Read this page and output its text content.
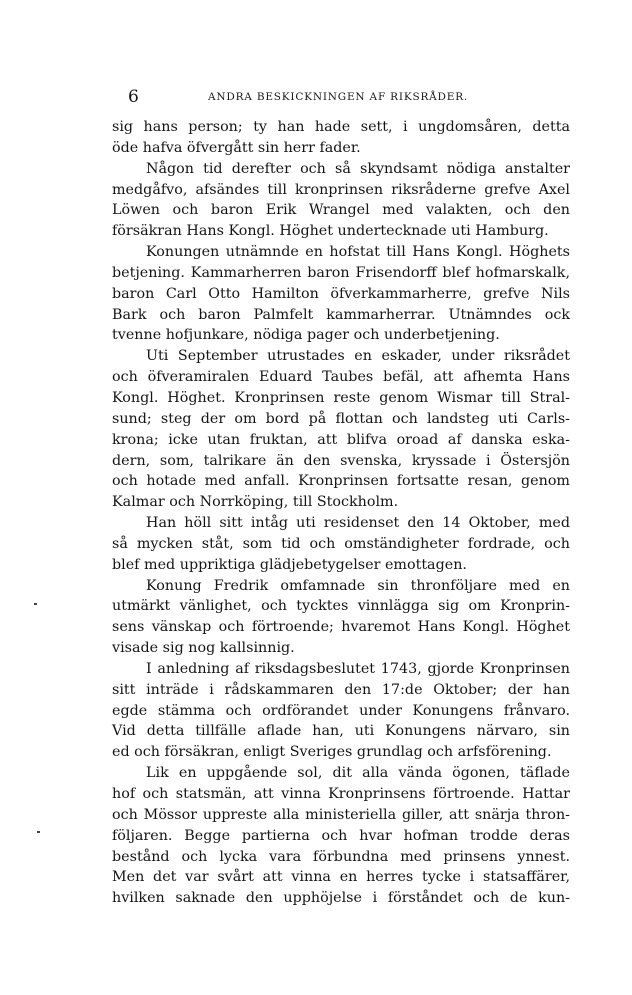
6	ANDRA BESKICKNINGEN AF RIKSRÅDER.
sig hans person; ty han hade sett, i ungdomsåren, detta
öde hafva öfvergått sin herr fader.
Någon tid derefter och så skyndsamt nödiga anstalter
medgåfvo, afsändes till kronprinsen riksråderne grefve Axel
Löwen och baron Erik Wrangel med valakten, och den
försäkran Hans Kongl. Höghet undertecknade uti Hamburg.
Konungen utnämnde en hofstat till Hans Kongl. Höghets
betjening. Kammarherren baron Frisendorff blef hofmarskalk,
baron Carl Otto Hamilton öfverkammarherre, grefve Nils
Bark och baron Palmfelt kammarherrar. Utnämndes ock
tvenne hofjunkare, nödiga pager och underbetjening.
Uti September utrustades en eskader, under riksrådet
och öfveramiralen Eduard Taubes befäl, att afhemta Hans
Kongl. Höghet. Kronprinsen reste genom Wismar till Stral-
sund; steg der om bord på flottan och landsteg uti Carls-
krona; icke utan fruktan, att blifva oroad af danska eska-
dern, som, talrikare än den svenska, kryssade i Östersjön
och hotade med anfall. Kronprinsen fortsatte resan, genom
Kalmar och Norrköping, till Stockholm.
Han höll sitt intåg uti residenset den 14 Oktober, med
så mycken ståt, som tid och omständigheter fordrade, och
blef med uppriktiga glädjebetygelser emottagen.
Konung Fredrik omfamnade sin thronföljare med en
utmärkt vänlighet, och tycktes vinnlägga sig om Kronprin-
sens vänskap och förtroende; hvaremot Hans Kongl. Höghet
visade sig nog kallsinnig.
I anledning af riksdagsbeslutet 1743, gjorde Kronprinsen
sitt inträde i rådskammaren den 17:de Oktober; der han
egde stämma och ordförandet under Konungens frånvaro.
Vid detta tillfälle aflade han, uti Konungens närvaro, sin
ed och försäkran, enligt Sveriges grundlag och arfsförening.
Lik en uppgående sol, dit alla vända ögonen, täflade
hof och statsmän, att vinna Kronprinsens förtroende. Hattar
och Mössor uppreste alla ministeriella giller, att snärja thron-
följaren. Begge partierna och hvar hofman trodde deras
bestånd och lycka vara förbundna med prinsens ynnest.
Men det var svårt att vinna en herres tycke i statsaffärer,
hvilken saknade den upphöjelse i förståndet och de kun-
